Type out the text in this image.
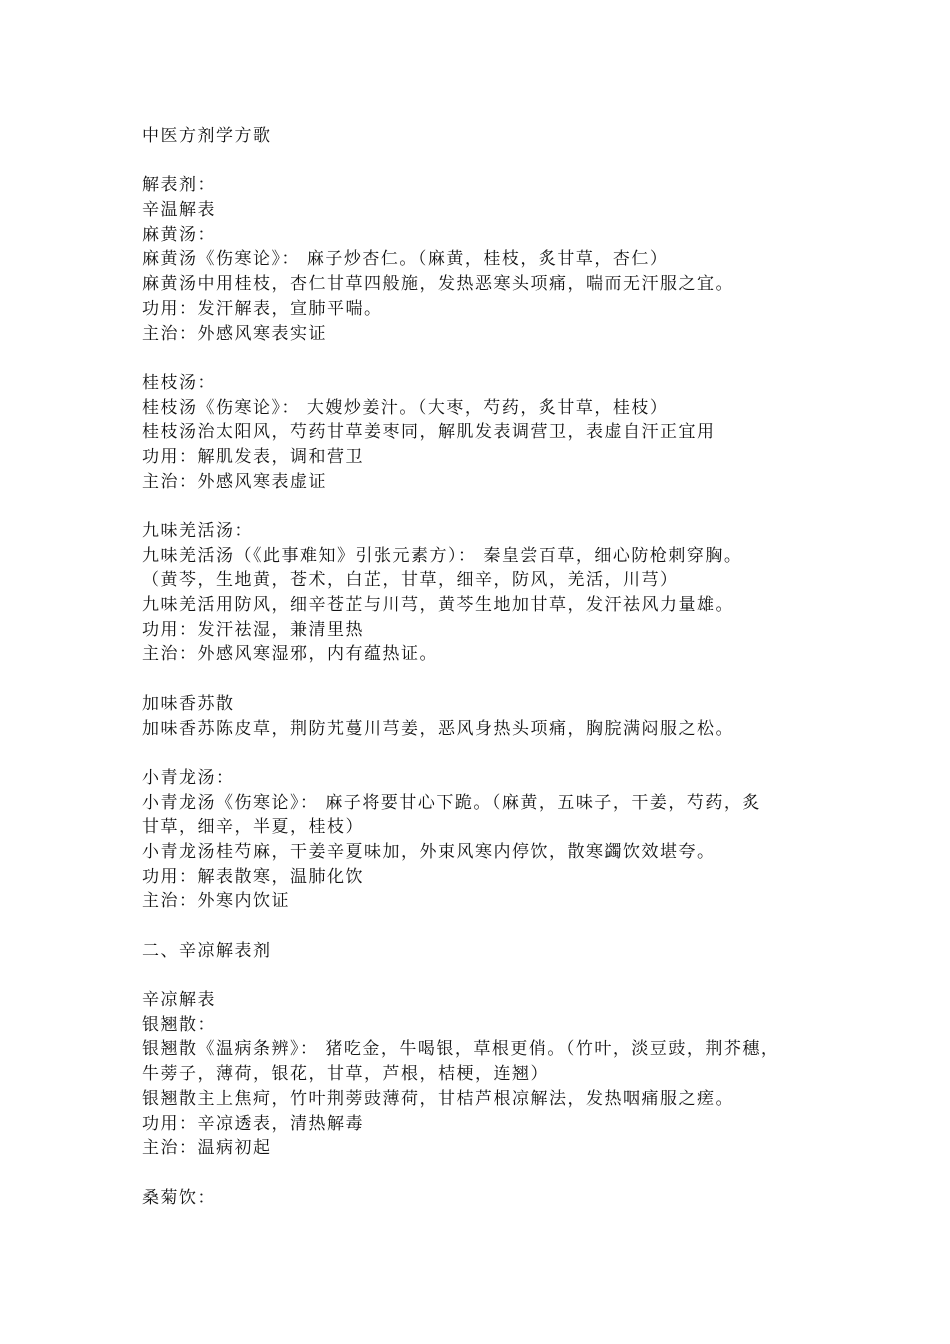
中医方剂学方歌
解表剂：
辛温解表
麻黄汤：
麻黄汤《伤寒论》： 麻子炒杏仁。（麻黄，桂枝，炙甘草，杏仁）
麻黄汤中用桂枝，杏仁甘草四般施，发热恶寒头项痛，喘而无汗服之宜。
功用：发汗解表，宣肺平喘。
主治：外感风寒表实证
桂枝汤：
桂枝汤《伤寒论》： 大嫂炒姜汁。（大枣，芍药，炙甘草，桂枝）
桂枝汤治太阳风，芍药甘草姜枣同，解肌发表调营卫，表虚自汗正宜用
功用：解肌发表，调和营卫
主治：外感风寒表虚证
九味羌活汤：
九味羌活汤（《此事难知》引张元素方）： 秦皇尝百草，细心防枪刺穿胸。
（黄芩，生地黄，苍术，白芷，甘草，细辛，防风，羌活，川芎）
九味羌活用防风，细辛苍芷与川芎，黄芩生地加甘草，发汗祛风力量雄。
功用：发汗祛湿，兼清里热
主治：外感风寒湿邪，内有蕴热证。
加味香苏散
加味香苏陈皮草，荆防艽蔓川芎姜，恶风身热头项痛，胸脘满闷服之松。
小青龙汤：
小青龙汤《伤寒论》： 麻子将要甘心下跪。（麻黄，五味子，干姜，芍药，炙
甘草，细辛，半夏，桂枝）
小青龙汤桂芍麻，干姜辛夏味加，外束风寒内停饮，散寒蠲饮效堪夸。
功用：解表散寒，温肺化饮
主治：外寒内饮证
二、辛凉解表剂
辛凉解表
银翘散：
银翘散《温病条辨》： 猪吃金，牛喝银，草根更俏。（竹叶，淡豆豉，荆芥穗，
牛蒡子，薄荷，银花，甘草，芦根，桔梗，连翘）
银翘散主上焦疴，竹叶荆蒡豉薄荷，甘桔芦根凉解法，发热咽痛服之瘥。
功用：辛凉透表，清热解毒
主治：温病初起
桑菊饮：
